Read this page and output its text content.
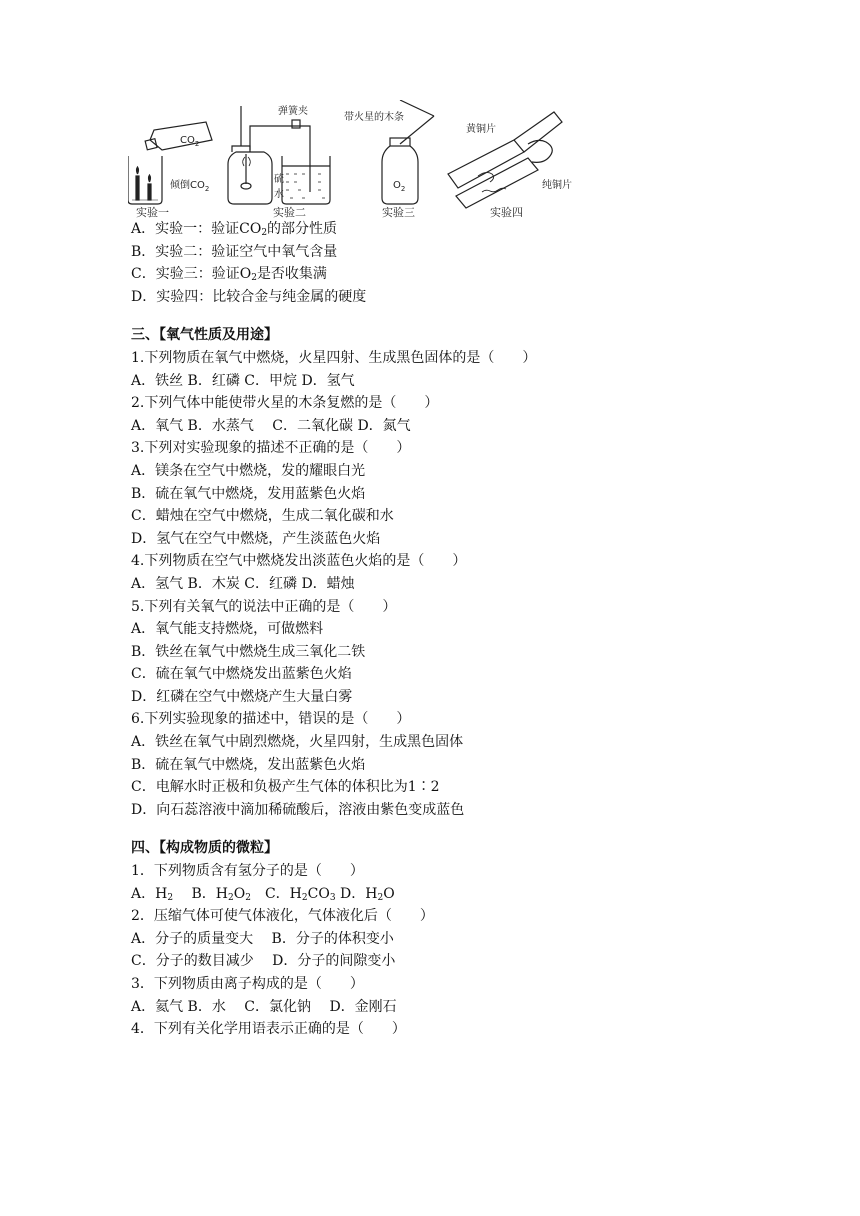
$CO_2$
倾倒$CO_2$
实验一
弹簧夹
硫
水
实验二
带火星的木条
$O_2$
实验三
黄铜片
纯铜片
实验四
A．实验一：验证$CO_2$的部分性质
B．实验二：验证空气中氧气含量
C．实验三：验证$O_2$是否收集满
D．实验四：比较合金与纯金属的硬度
三、【氧气性质及用途】
1.下列物质在氧气中燃烧，火星四射、生成黑色固体的是（　　）
A．铁丝 B．红磷 C．甲烷 D．氢气
2.下列气体中能使带火星的木条复燃的是（　　）
A．氧气 B．水蒸气　 C．二氧化碳 D．氮气
3.下列对实验现象的描述不正确的是（　　）
A．镁条在空气中燃烧，发的耀眼白光
B．硫在氧气中燃烧，发用蓝紫色火焰
C．蜡烛在空气中燃烧，生成二氧化碳和水
D．氢气在空气中燃烧，产生淡蓝色火焰
4.下列物质在空气中燃烧发出淡蓝色火焰的是（　　）
A．氢气 B．木炭 C．红磷 D．蜡烛
5.下列有关氧气的说法中正确的是（　　）
A．氧气能支持燃烧，可做燃料
B．铁丝在氧气中燃烧生成三氧化二铁
C．硫在氧气中燃烧发出蓝紫色火焰
D．红磷在空气中燃烧产生大量白雾
6.下列实验现象的描述中，错误的是（　　）
A．铁丝在氧气中剧烈燃烧，火星四射，生成黑色固体
B．硫在氧气中燃烧，发出蓝紫色火焰
C．电解水时正极和负极产生气体的体积比为1∶2
D．向石蕊溶液中滴加稀硫酸后，溶液由紫色变成蓝色
四、【构成物质的微粒】
1．下列物质含有氢分子的是（　　）
A．$H_2$　 B．$H_2O_2$　C．$H_2CO_3$ D．$H_2O$
2．压缩气体可使气体液化，气体液化后（　　）
A．分子的质量变大　 B．分子的体积变小
C．分子的数目减少　 D．分子的间隙变小
3．下列物质由离子构成的是（　　）
A．氦气 B．水　 C．氯化钠　 D．金刚石
4．下列有关化学用语表示正确的是（　　）
